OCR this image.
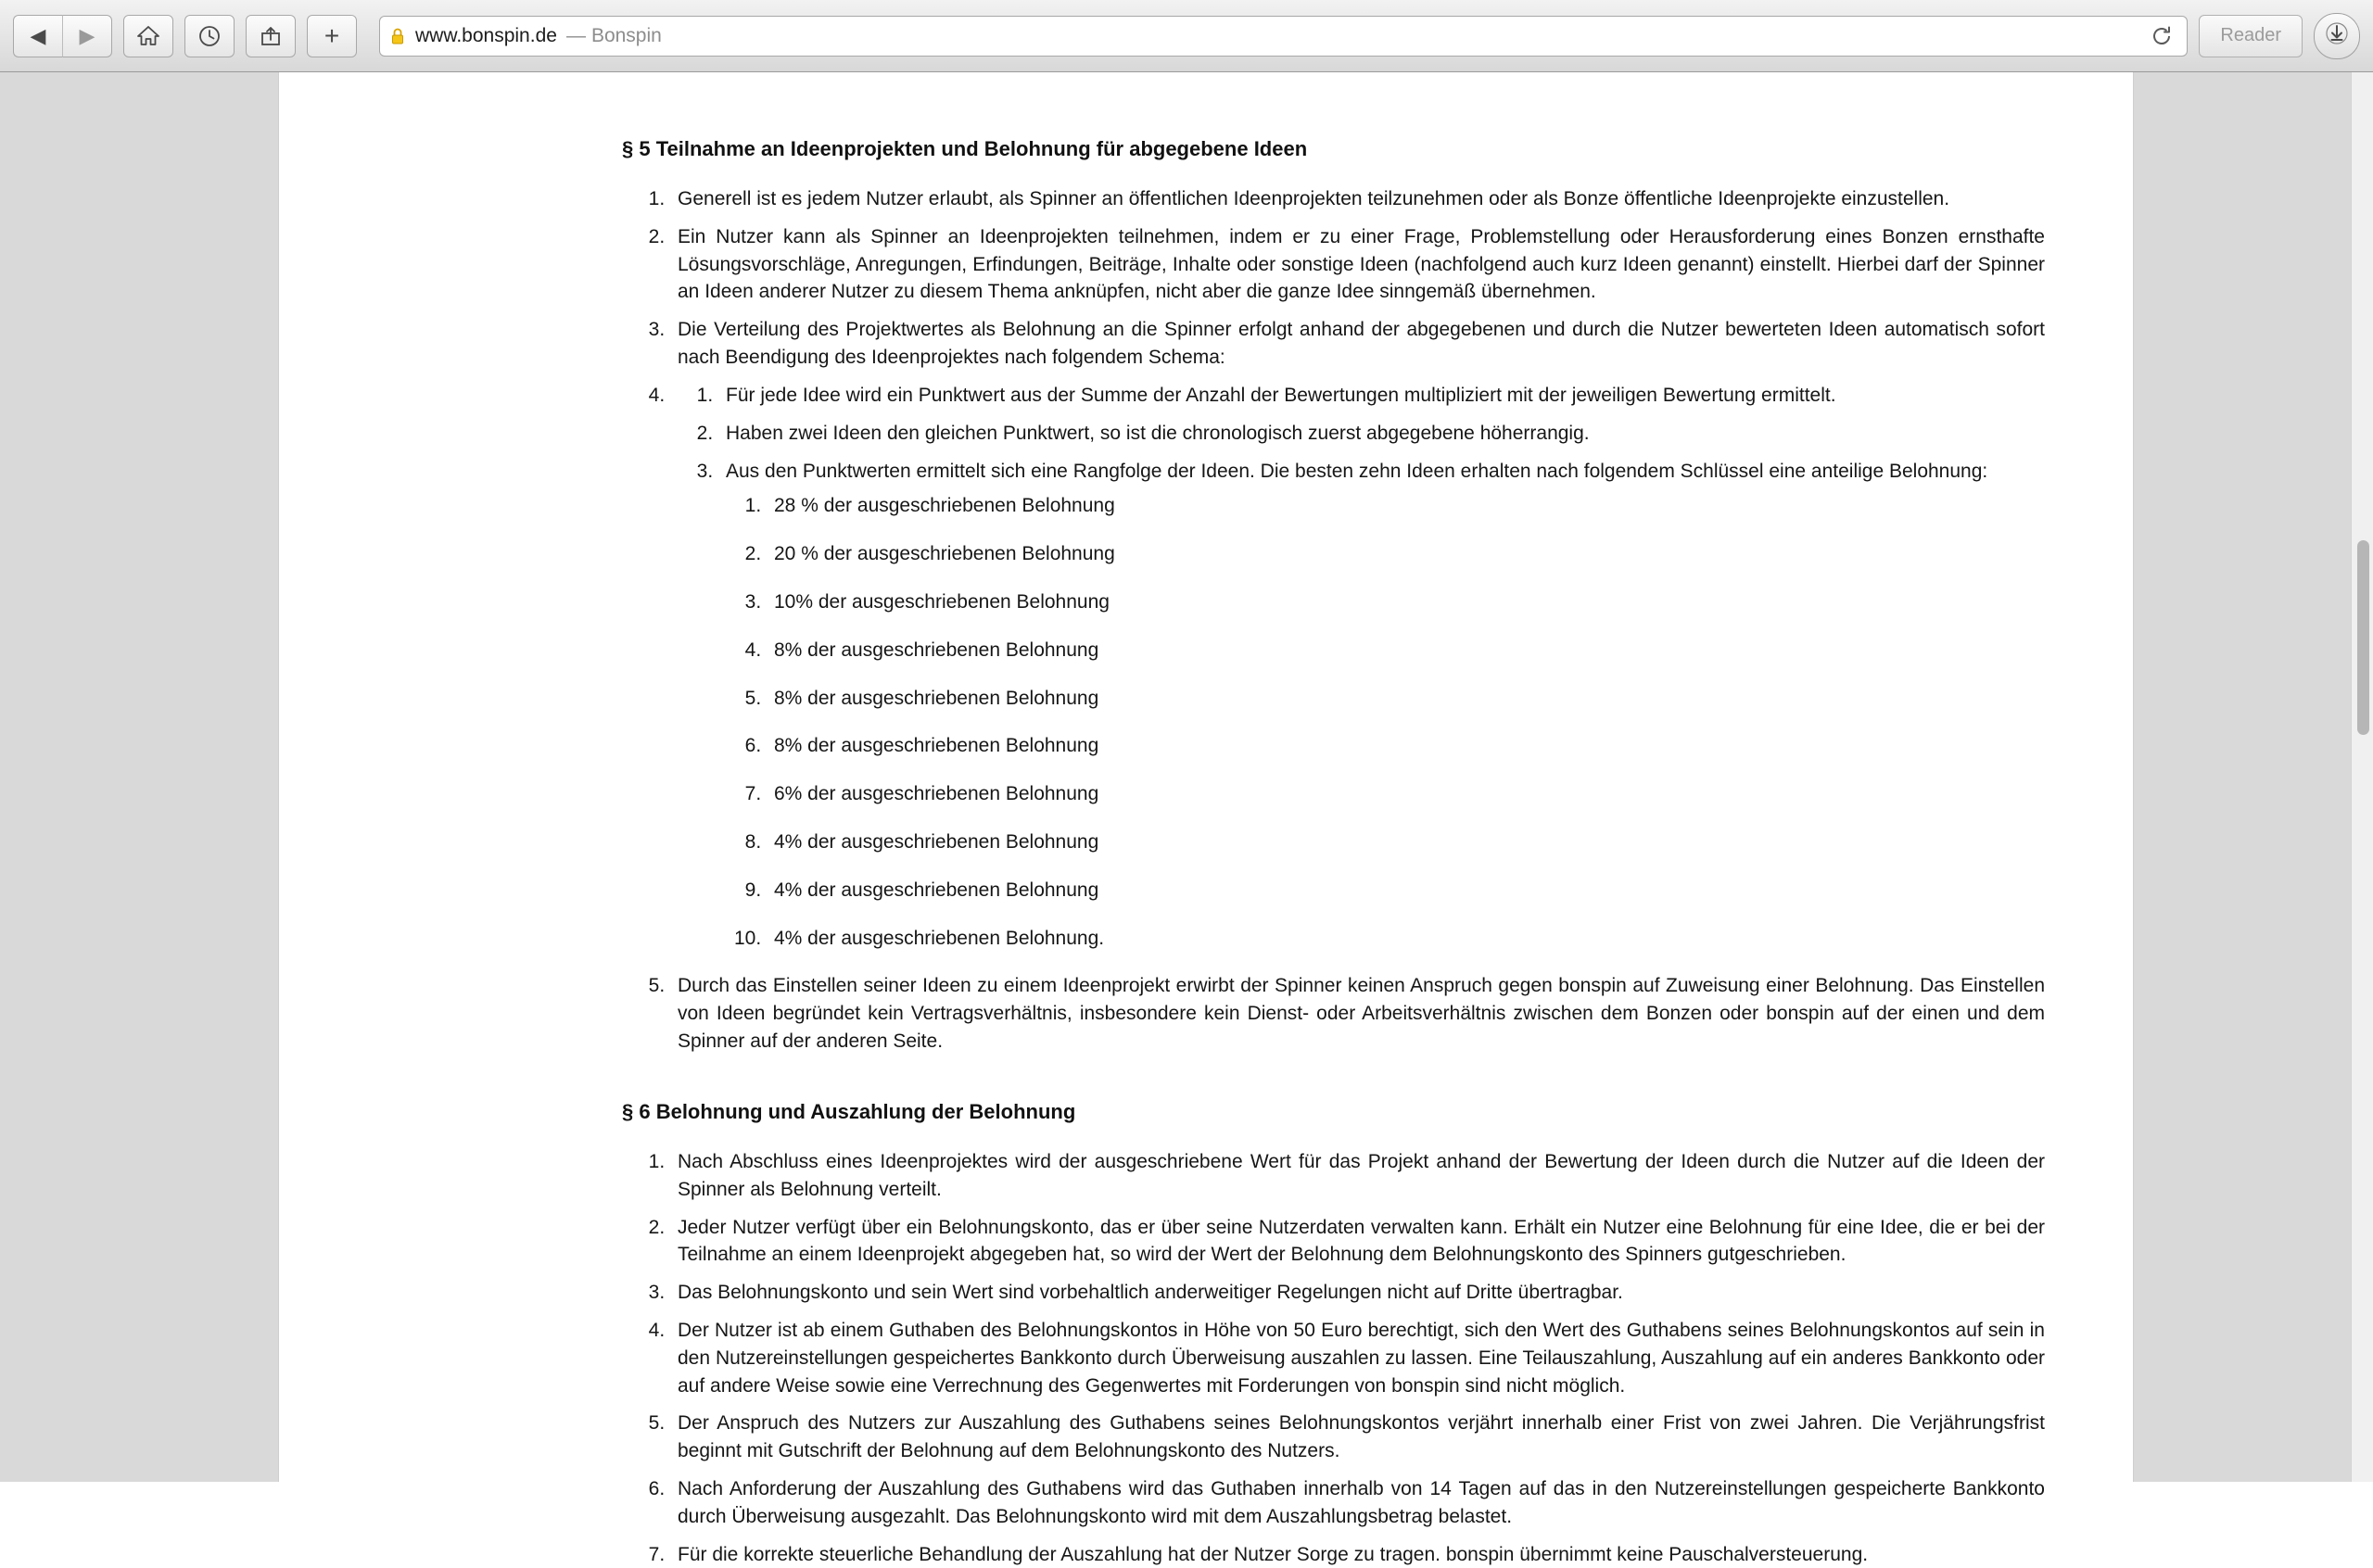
◀ ▶	+	www.bonspin.de — Bonspin	Reader
§ 5 Teilnahme an Ideenprojekten und Belohnung für abgegebene Ideen
1. Generell ist es jedem Nutzer erlaubt, als Spinner an öffentlichen Ideenprojekten teilzunehmen oder als Bonze öffentliche Ideenprojekte einzustellen.
2. Ein Nutzer kann als Spinner an Ideenprojekten teilnehmen, indem er zu einer Frage, Problemstellung oder Herausforderung eines Bonzen ernsthafte Lösungsvorschläge, Anregungen, Erfindungen, Beiträge, Inhalte oder sonstige Ideen (nachfolgend auch kurz Ideen genannt) einstellt. Hierbei darf der Spinner an Ideen anderer Nutzer zu diesem Thema anknüpfen, nicht aber die ganze Idee sinngemäß übernehmen.
3. Die Verteilung des Projektwertes als Belohnung an die Spinner erfolgt anhand der abgegebenen und durch die Nutzer bewerteten Ideen automatisch sofort nach Beendigung des Ideenprojektes nach folgendem Schema:
1. 4. Für jede Idee wird ein Punktwert aus der Summe der Anzahl der Bewertungen multipliziert mit der jeweiligen Bewertung ermittelt.
2. Haben zwei Ideen den gleichen Punktwert, so ist die chronologisch zuerst abgegebene höherrangig.
3. Aus den Punktwerten ermittelt sich eine Rangfolge der Ideen. Die besten zehn Ideen erhalten nach folgendem Schlüssel eine anteilige Belohnung:
1. 28 % der ausgeschriebenen Belohnung
2. 20 % der ausgeschriebenen Belohnung
3. 10% der ausgeschriebenen Belohnung
4. 8% der ausgeschriebenen Belohnung
5. 8% der ausgeschriebenen Belohnung
6. 8% der ausgeschriebenen Belohnung
7. 6% der ausgeschriebenen Belohnung
8. 4% der ausgeschriebenen Belohnung
9. 4% der ausgeschriebenen Belohnung
10. 4% der ausgeschriebenen Belohnung.
5. Durch das Einstellen seiner Ideen zu einem Ideenprojekt erwirbt der Spinner keinen Anspruch gegen bonspin auf Zuweisung einer Belohnung. Das Einstellen von Ideen begründet kein Vertragsverhältnis, insbesondere kein Dienst- oder Arbeitsverhältnis zwischen dem Bonzen oder bonspin auf der einen und dem Spinner auf der anderen Seite.
§ 6 Belohnung und Auszahlung der Belohnung
1. Nach Abschluss eines Ideenprojektes wird der ausgeschriebene Wert für das Projekt anhand der Bewertung der Ideen durch die Nutzer auf die Ideen der Spinner als Belohnung verteilt.
2. Jeder Nutzer verfügt über ein Belohnungskonto, das er über seine Nutzerdaten verwalten kann. Erhält ein Nutzer eine Belohnung für eine Idee, die er bei der Teilnahme an einem Ideenprojekt abgegeben hat, so wird der Wert der Belohnung dem Belohnungskonto des Spinners gutgeschrieben.
3. Das Belohnungskonto und sein Wert sind vorbehaltlich anderweitiger Regelungen nicht auf Dritte übertragbar.
4. Der Nutzer ist ab einem Guthaben des Belohnungskontos in Höhe von 50 Euro berechtigt, sich den Wert des Guthabens seines Belohnungskontos auf sein in den Nutzereinstellungen gespeichertes Bankkonto durch Überweisung auszahlen zu lassen. Eine Teilauszahlung, Auszahlung auf ein anderes Bankkonto oder auf andere Weise sowie eine Verrechnung des Gegenwertes mit Forderungen von bonspin sind nicht möglich.
5. Der Anspruch des Nutzers zur Auszahlung des Guthabens seines Belohnungskontos verjährt innerhalb einer Frist von zwei Jahren. Die Verjährungsfrist beginnt mit Gutschrift der Belohnung auf dem Belohnungskonto des Nutzers.
6. Nach Anforderung der Auszahlung des Guthabens wird das Guthaben innerhalb von 14 Tagen auf das in den Nutzereinstellungen gespeicherte Bankkonto durch Überweisung ausgezahlt. Das Belohnungskonto wird mit dem Auszahlungsbetrag belastet.
7. Für die korrekte steuerliche Behandlung der Auszahlung hat der Nutzer Sorge zu tragen. bonspin übernimmt keine Pauschalversteuerung.
